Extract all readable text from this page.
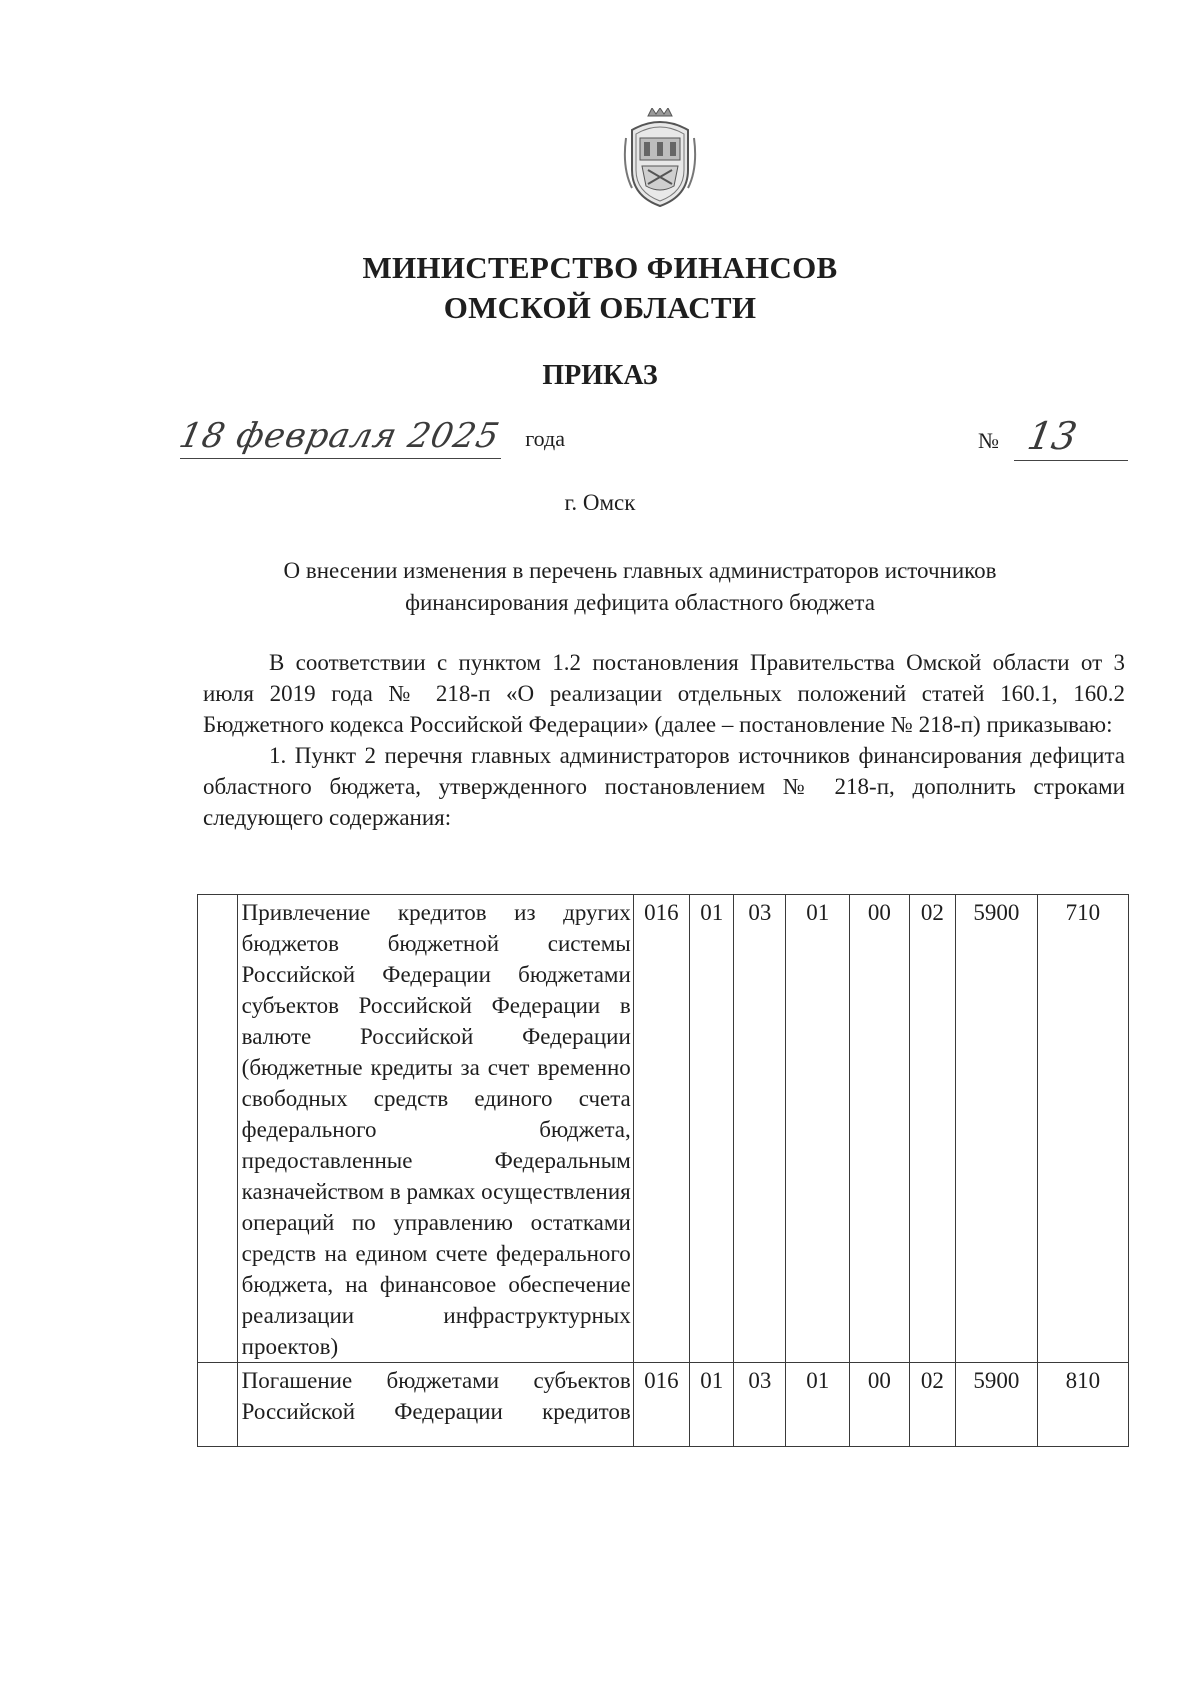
МИНИСТЕРСТВО ФИНАНСОВ
ОМСКОЙ ОБЛАСТИ
ПРИКАЗ
18 февраля 2025 года	№ 13
г. Омск
О внесении изменения в перечень главных администраторов источников финансирования дефицита областного бюджета

В соответствии с пунктом 1.2 постановления Правительства Омской области от 3 июля 2019 года № 218-п «О реализации отдельных положений статей 160.1, 160.2 Бюджетного кодекса Российской Федерации» (далее – постановление № 218-п) приказываю:

1. Пункт 2 перечня главных администраторов источников финансирования дефицита областного бюджета, утвержденного постановлением № 218-п, дополнить строками следующего содержания:

	Привлечение кредитов из других бюджетов бюджетной системы Российской Федерации бюджетами субъектов Российской Федерации в валюте Российской Федерации (бюджетные кредиты за счет временно свободных средств единого счета федерального бюджета, предоставленные Федеральным казначейством в рамках осуществления операций по управлению остатками средств на едином счете федерального бюджета, на финансовое обеспечение реализации инфраструктурных проектов)	016	01	03	01	00	02	5900	710
	Погашение бюджетами субъектов Российской Федерации кредитов	016	01	03	01	00	02	5900	810
